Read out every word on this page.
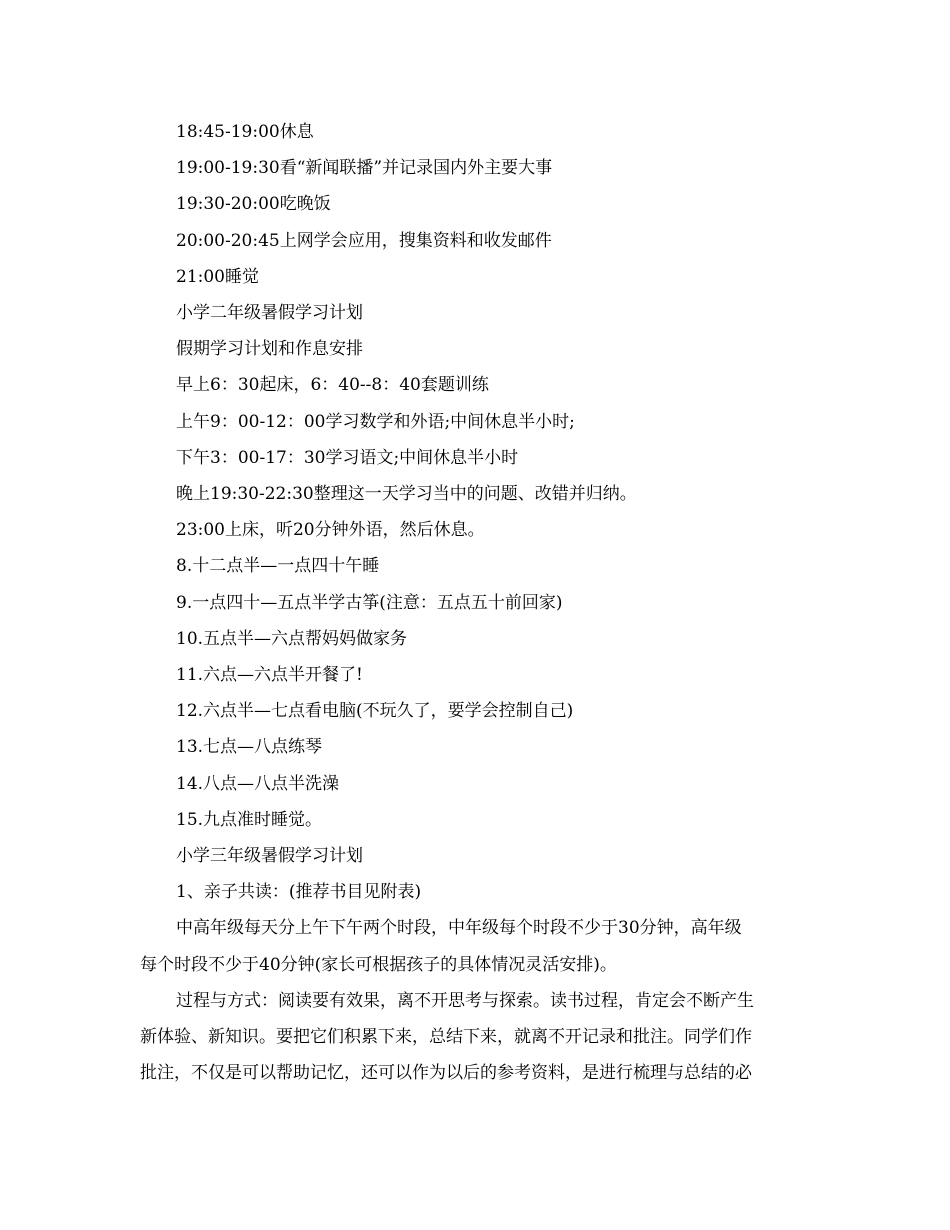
18:45-19:00休息

19:00-19:30看“新闻联播”并记录国内外主要大事

19:30-20:00吃晚饭

20:00-20:45上网学会应用，搜集资料和收发邮件

21:00睡觉

小学二年级暑假学习计划

假期学习计划和作息安排

早上6：30起床，6：40--8：40套题训练

上午9：00-12：00学习数学和外语;中间休息半小时;

下午3：00-17：30学习语文;中间休息半小时

晚上19:30-22:30整理这一天学习当中的问题、改错并归纳。

23:00上床，听20分钟外语，然后休息。

8.十二点半—一点四十午睡

9.一点四十—五点半学古筝(注意：五点五十前回家)

10.五点半—六点帮妈妈做家务

11.六点—六点半开餐了!

12.六点半—七点看电脑(不玩久了，要学会控制自己)

13.七点—八点练琴

14.八点—八点半洗澡

15.九点准时睡觉。

小学三年级暑假学习计划

1、亲子共读：(推荐书目见附表)

中高年级每天分上午下午两个时段，中年级每个时段不少于30分钟，高年级
每个时段不少于40分钟(家长可根据孩子的具体情况灵活安排)。

过程与方式：阅读要有效果，离不开思考与探索。读书过程，肯定会不断产生
新体验、新知识。要把它们积累下来，总结下来，就离不开记录和批注。同学们作
批注，不仅是可以帮助记忆，还可以作为以后的参考资料，是进行梳理与总结的必
